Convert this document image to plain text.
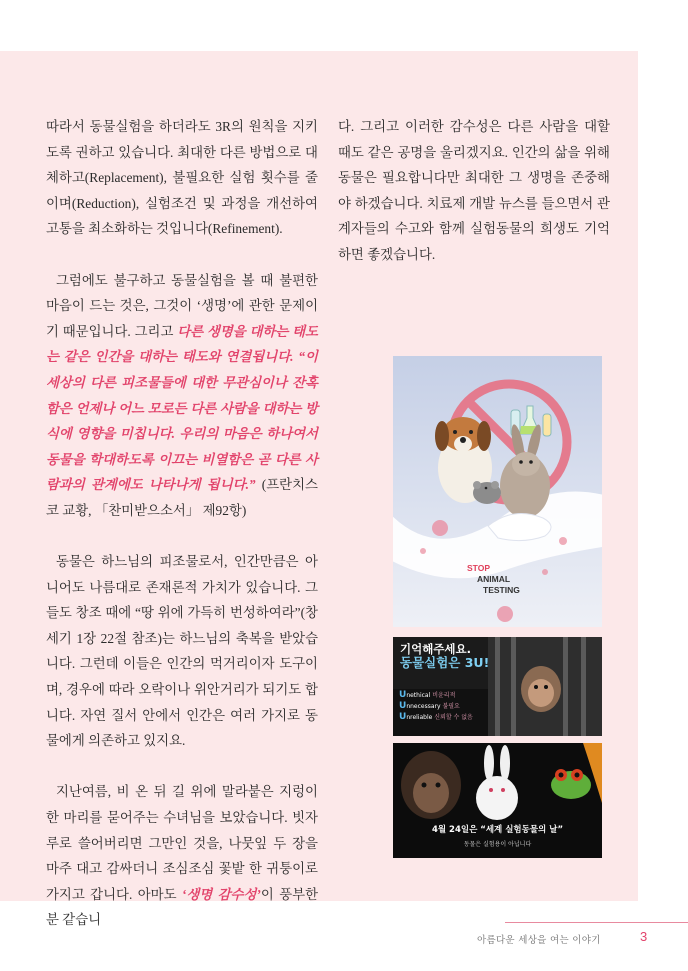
따라서 동물실험을 하더라도 3R의 원칙을 지키도록 권하고 있습니다. 최대한 다른 방법으로 대체하고(Replacement), 불필요한 실험 횟수를 줄이며(Reduction), 실험조건 및 과정을 개선하여 고통을 최소화하는 것입니다(Refinement).

그럼에도 불구하고 동물실험을 볼 때 불편한 마음이 드는 것은, 그것이 ‘생명’에 관한 문제이기 때문입니다. 그리고 다른 생명을 대하는 태도는 같은 인간을 대하는 태도와 연결됩니다. “이 세상의 다른 피조물들에 대한 무관심이나 잔혹함은 언제나 어느 모로든 다른 사람을 대하는 방식에 영향을 미칩니다. 우리의 마음은 하나여서 동물을 학대하도록 이끄는 비열함은 곧 다른 사람과의 관계에도 나타나게 됩니다.” (프란치스코 교황, 「찬미받으소서」 제92항)

동물은 하느님의 피조물로서, 인간만큼은 아니어도 나름대로 존재론적 가치가 있습니다. 그들도 창조 때에 “땅 위에 가득히 번성하여라”(창세기 1장 22절 참조)는 하느님의 축복을 받았습니다. 그런데 이들은 인간의 먹거리이자 도구이며, 경우에 따라 오락이나 위안거리가 되기도 합니다. 자연 질서 안에서 인간은 여러 가지로 동물에게 의존하고 있지요.

지난여름, 비 온 뒤 길 위에 말라붙은 지렁이 한 마리를 묻어주는 수녀님을 보았습니다. 빗자루로 쓸어버리면 그만인 것을, 나뭇잎 두 장을 마주 대고 감싸더니 조심조심 꽃밭 한 귀퉁이로 가지고 갑니다. 아마도 ‘생명 감수성’이 풍부한 분 같습니

다. 그리고 이러한 감수성은 다른 사람을 대할 때도 같은 공명을 울리겠지요. 인간의 삶을 위해 동물은 필요합니다만 최대한 그 생명을 존중해야 하겠습니다. 치료제 개발 뉴스를 들으면서 관계자들의 수고와 함께 실험동물의 희생도 기억하면 좋겠습니다.

STOP
ANIMAL
TESTING
기억해주세요.
동물실험은 3U!
Unethical 비윤리적
Unnecessary 불필요
Unreliable 신뢰할 수 없음
4월 24일은 “세계 실험동물의 날”
동물은 실험용이 아닙니다
아름다운 세상을 여는 이야기	3
